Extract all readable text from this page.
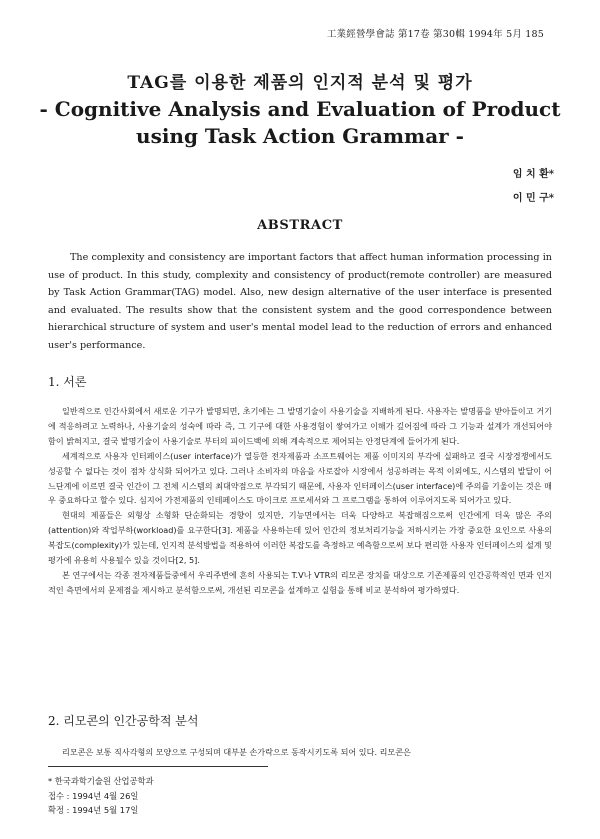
工業經營學會誌 第17卷 第30輯 1994年 5月 185

TAG를 이용한 제품의 인지적 분석 및 평가

- Cognitive Analysis and Evaluation of Product

using Task Action Grammar -

임 치 환*
이 민 구*
ABSTRACT
The complexity and consistency are important factors that affect human information processing in use of product. In this study, complexity and consistency of product(remote controller) are measured by Task Action Grammar(TAG) model. Also, new design alternative of the user interface is presented and evaluated. The results show that the consistent system and the good correspondence between hierarchical structure of system and user's mental model lead to the reduction of errors and enhanced user's performance.
1. 서론

일반적으로 인간사회에서 새로운 기구가 발명되면, 초기에는 그 발명기술이 사용기술을 지배하게 된다. 사용자는 발명품을 받아들이고 거기에 적응하려고 노력하나, 사용기술의 성숙에 따라 즉, 그 기구에 대한 사용경험이 쌓여가고 이해가 깊어짐에 따라 그 기능과 설계가 개선되어야 함이 밝혀지고, 결국 발명기술이 사용기술로 부터의 피이드백에 의해 계속적으로 제어되는 안정단계에 들어가게 된다.

세계적으로 사용자 인터페이스(user interface)가 열등한 전자제품과 소프트웨어는 제품 이미지의 부각에 실패하고 결국 시장경쟁에서도 성공할 수 없다는 것이 점차 상식화 되어가고 있다. 그러나 소비자의 마음을 사로잡아 시장에서 성공하려는 목적 이외에도, 시스템의 발달이 어느단계에 이르면 결국 인간이 그 전체 시스템의 최대약점으로 부각되기 때문에, 사용자 인터페이스(user interface)에 주의를 기울이는 것은 매우 중요하다고 할수 있다. 심지어 가전제품의 인테페이스도 마이크로 프로세서와 그 프로그램을 통하여 이루어지도록 되어가고 있다.

현대의 제품들은 외형상 소형화 단순화되는 경향이 있지만, 기능면에서는 더욱 다양하고 복잡해짐으로써 인간에게 더욱 많은 주의(attention)와 작업부하(workload)를 요구한다[3]. 제품을 사용하는데 있어 인간의 정보처리기능을 저하시키는 가장 중요한 요인으로 사용의 복잡도(complexity)가 있는데, 인지적 분석방법을 적용하여 이러한 복잡도를 측정하고 예측함으로써 보다 편리한 사용자 인터페이스의 설계 및 평가에 유용히 사용될수 있을 것이다[2, 5].

본 연구에서는 각종 전자제품들중에서 우리주변에 흔히 사용되는 T.V나 VTR의 리모콘 장치를 대상으로 기존제품의 인간공학적인 면과 인지적인 측면에서의 문제점을 제시하고 분석함으로써, 개선된 리모콘을 설계하고 실험을 통해 비교 분석하여 평가하였다.

2. 리모콘의 인간공학적 분석
리모콘은 보통 직사각형의 모양으로 구성되며 대부분 손가락으로 동작시키도록 되어 있다. 리모콘은
* 한국과학기술원 산업공학과
접수 : 1994년 4월 26일
확정 : 1994년 5월 17일
